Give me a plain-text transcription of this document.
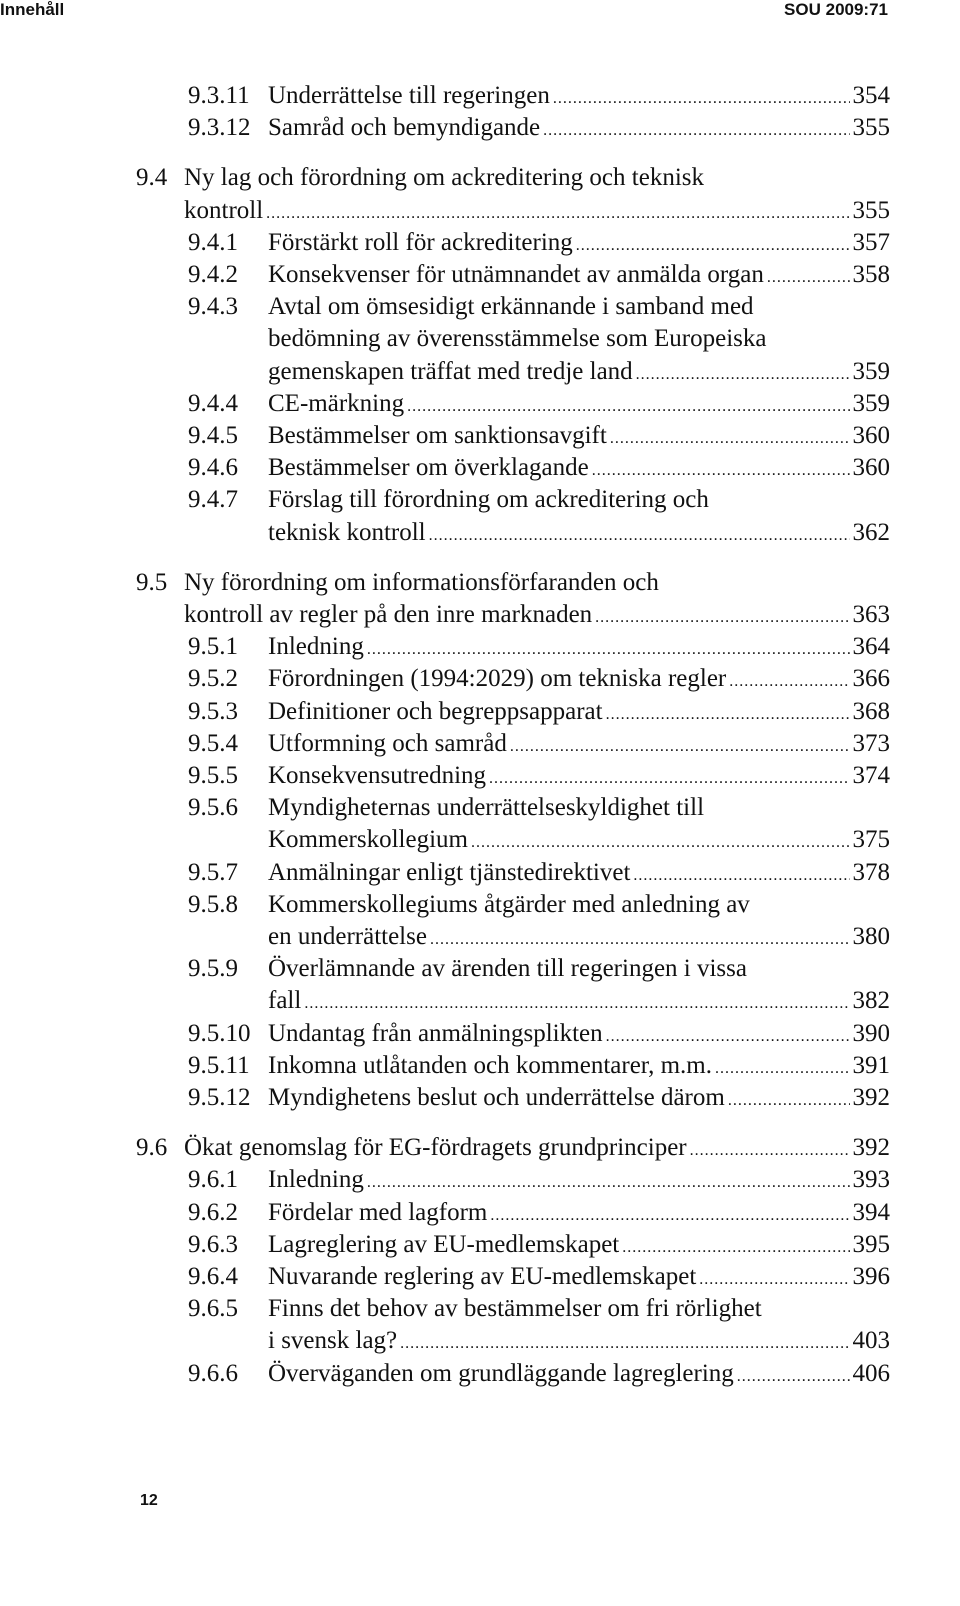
Innehåll	SOU 2009:71
9.3.11 Underrättelse till regeringen .....	354
9.3.12 Samråd och bemyndigande .....	355
9.4 Ny lag och förordning om ackreditering och teknisk
kontroll .....	355
9.4.1 Förstärkt roll för ackreditering .....	357
9.4.2 Konsekvenser för utnämnandet av anmälda organ .....	358
9.4.3 Avtal om ömsesidigt erkännande i samband med
bedömning av överensstämmelse som Europeiska
gemenskapen träffat med tredje land .....	359
9.4.4 CE-märkning .....	359
9.4.5 Bestämmelser om sanktionsavgift .....	360
9.4.6 Bestämmelser om överklagande .....	360
9.4.7 Förslag till förordning om ackreditering och
teknisk kontroll .....	362
9.5 Ny förordning om informationsförfaranden och
kontroll av regler på den inre marknaden .....	363
9.5.1 Inledning .....	364
9.5.2 Förordningen (1994:2029) om tekniska regler .....	366
9.5.3 Definitioner och begreppsapparat .....	368
9.5.4 Utformning och samråd .....	373
9.5.5 Konsekvensutredning .....	374
9.5.6 Myndigheternas underrättelseskyldighet till
Kommerskollegium .....	375
9.5.7 Anmälningar enligt tjänstedirektivet .....	378
9.5.8 Kommerskollegiums åtgärder med anledning av
en underrättelse .....	380
9.5.9 Överlämnande av ärenden till regeringen i vissa
fall .....	382
9.5.10 Undantag från anmälningsplikten .....	390
9.5.11 Inkomna utlåtanden och kommentarer, m.m. .....	391
9.5.12 Myndighetens beslut och underrättelse därom .....	392
9.6 Ökat genomslag för EG-fördragets grundprinciper .....	392
9.6.1 Inledning .....	393
9.6.2 Fördelar med lagform .....	394
9.6.3 Lagreglering av EU-medlemskapet .....	395
9.6.4 Nuvarande reglering av EU-medlemskapet .....	396
9.6.5 Finns det behov av bestämmelser om fri rörlighet
i svensk lag? .....	403
9.6.6 Överväganden om grundläggande lagreglering .....	406
12
